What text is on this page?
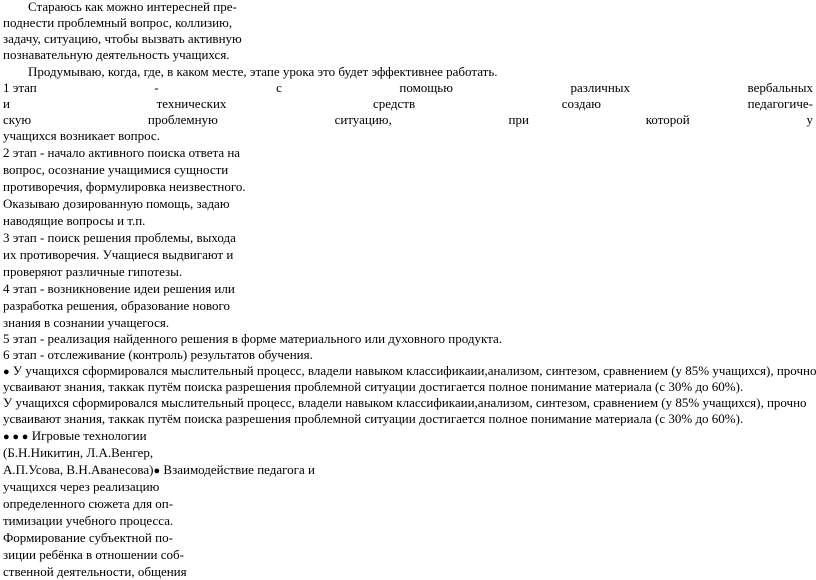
Стараюсь как можно интересней пре-
поднести проблемный вопрос, коллизию,
задачу, ситуацию, чтобы вызвать активную
познавательную деятельность учащихся.
Продумываю, когда, где, в каком месте, этапе урока это будет эффективнее работать.
1 этап	-	с	помощью	различных	вербальных
и	технических	средств	создаю	педагогиче-
скую	проблемную	ситуацию,	при	которой	у
учащихся возникает вопрос.
2 этап - начало активного поиска ответа на
вопрос, осознание учащимися сущности
противоречия, формулировка неизвестного.
Оказываю дозированную помощь, задаю
наводящие вопросы и т.п.
3 этап - поиск решения проблемы, выхода
их противоречия. Учащиеся выдвигают и
проверяют различные гипотезы.
4 этап - возникновение идеи решения или
разработка решения, образование нового
знания в сознании учащегося.
5 этап - реализация найденного решения в форме материального или духовного продукта.
6 этап - отслеживание (контроль) результатов обучения.
● У учащихся сформировался мыслительный процесс, владели навыком классификаии,анализом, синтезом, сравнением (у 85% учащихся), прочно
усваивают знания, таккак путём поиска разрешения проблемной ситуации достигается полное понимание материала (с 30% до 60%).
У учащихся сформировался мыслительный процесс, владели навыком классификаии,анализом, синтезом, сравнением (у 85% учащихся), прочно
усваивают знания, таккак путём поиска разрешения проблемной ситуации достигается полное понимание материала (с 30% до 60%).
● ● ● Игровые технологии
(Б.Н.Никитин, Л.А.Венгер,
А.П.Усова, В.Н.Аванесова)● Взаимодействие педагога и
учащихся через реализацию
определенного сюжета для оп-
тимизации учебного процесса.
Формирование субъектной по-
зиции ребёнка в отношении соб-
ственной деятельности, общения
